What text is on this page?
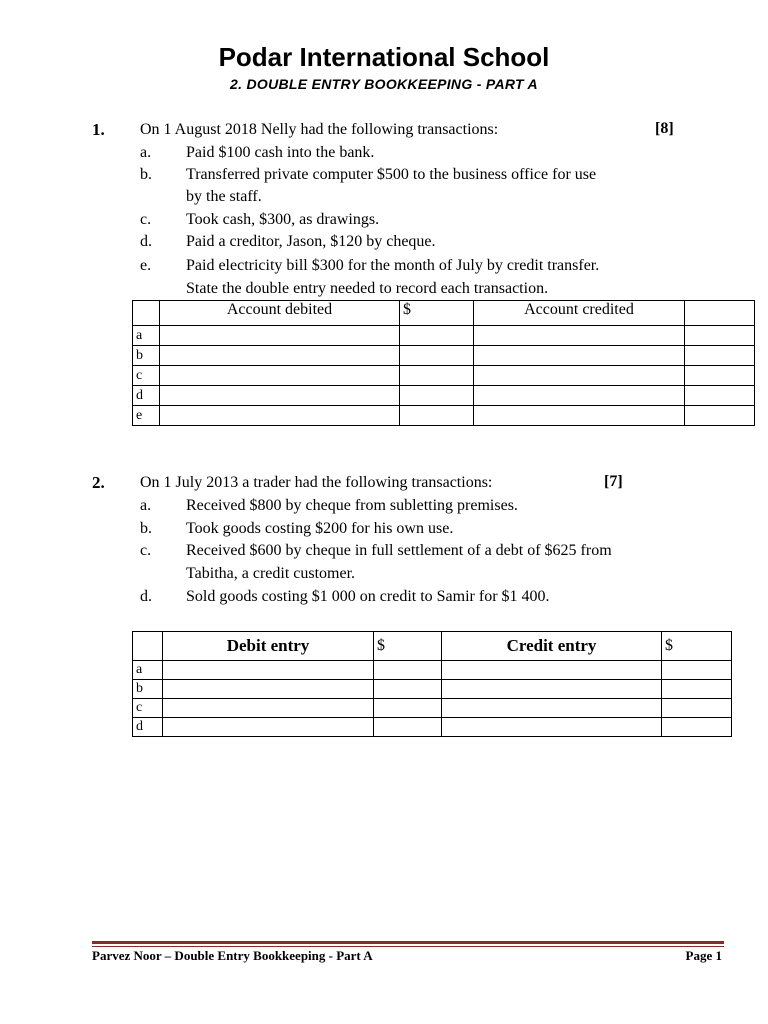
Podar International School
2. DOUBLE ENTRY BOOKKEEPING - PART A
1. On 1 August 2018 Nelly had the following transactions:	[8]
a. Paid $100 cash into the bank.
b. Transferred private computer $500 to the business office for use
by the staff.
c. Took cash, $300, as drawings.
d. Paid a creditor, Jason, $120 by cheque.
e. Paid electricity bill $300 for the month of July by credit transfer.
State the double entry needed to record each transaction.
	Account debited	$	Account credited	
a				
b				
c				
d				
e				
2. On 1 July 2013 a trader had the following transactions:	[7]
a. Received $800 by cheque from subletting premises.
b. Took goods costing $200 for his own use.
c. Received $600 by cheque in full settlement of a debt of $625 from
Tabitha, a credit customer.
d. Sold goods costing $1 000 on credit to Samir for $1 400.
	Debit entry	$	Credit entry	$
a				
b				
c				
d				
Parvez Noor – Double Entry Bookkeeping - Part A	Page 1
